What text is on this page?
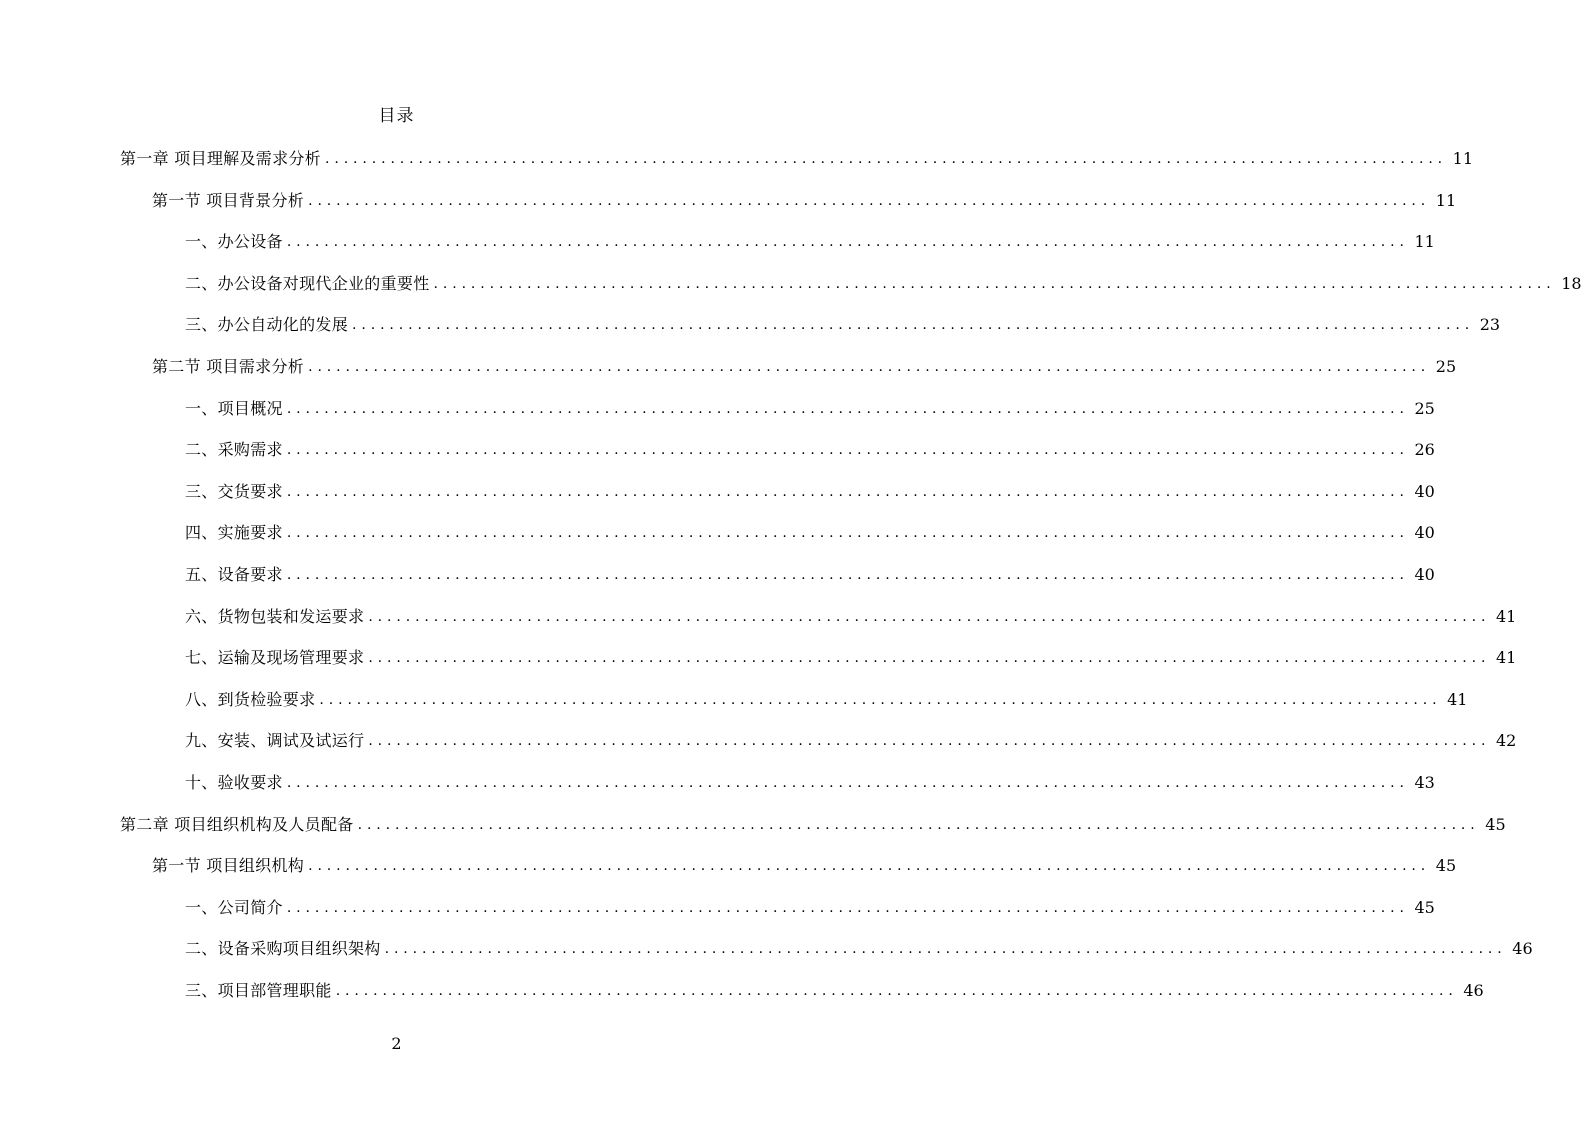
目录
第一章 项目理解及需求分析 ........................................................................................................................ 11
第一节 项目背景分析 ........................................................................................................................ 11
一、办公设备 ........................................................................................................................ 11
二、办公设备对现代企业的重要性 ........................................................................................................................ 18
三、办公自动化的发展 ........................................................................................................................ 23
第二节 项目需求分析 ........................................................................................................................ 25
一、项目概况 ........................................................................................................................ 25
二、采购需求 ........................................................................................................................ 26
三、交货要求 ........................................................................................................................ 40
四、实施要求 ........................................................................................................................ 40
五、设备要求 ........................................................................................................................ 40
六、货物包装和发运要求 ........................................................................................................................ 41
七、运输及现场管理要求 ........................................................................................................................ 41
八、到货检验要求 ........................................................................................................................ 41
九、安装、调试及试运行 ........................................................................................................................ 42
十、验收要求 ........................................................................................................................ 43
第二章 项目组织机构及人员配备 ........................................................................................................................ 45
第一节 项目组织机构 ........................................................................................................................ 45
一、公司简介 ........................................................................................................................ 45
二、设备采购项目组织架构 ........................................................................................................................ 46
三、项目部管理职能 ........................................................................................................................ 46
2
